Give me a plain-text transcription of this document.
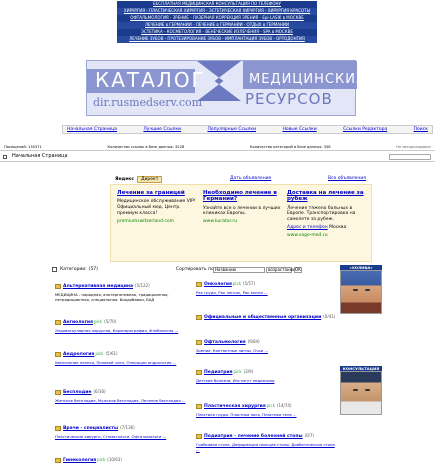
БЕСПЛАТНАЯ МЕДИЦИНСКАЯ КОНСУЛЬТАЦИЯ ПО ТЕЛЕФОНУ
ХИРУРГИЯ - ПЛАСТИЧЕСКАЯ ХИРУРГИЯ - ЭСТЕТИЧЕСКАЯ ХИРУРГИЯ - ХИРУРГИЯ КРАСОТЫ
ОФТАЛЬМОЛОГИЯ - ЗРЕНИЕ - ЛАЗЕРНАЯ КОРРЕКЦИЯ ЗРЕНИЯ - Ерi-LASIK в МОСКВЕ
ЛЕЧЕНИЕ в ГЕРМАНИИ - ЛЕЧЕНИЕ в ГЕРМАНИИ - ОТДЫХ в ГЕРМАНИИ
ЭСТЕТИКА - КОСМЕТОЛОГИЯ - ВЕНЕЧЕСКИЕ ИЗЛЕЧЕНИЯ - SPA в МОСКВЕ
ЛЕЧЕНИЕ ЗУБОВ - ПРОТЕЗИРОВАНИЕ ЗУБОВ - ИМПЛАНТАЦИЯ ЗУБОВ - ОРТОДОНТИЯ
КАТАЛОГ	МЕДИЦИНСКИХ
РЕСУРСОВ
dir.rusmedserv.com
Начальная Страница	Лучшие Ссылки	Популярные Ссылки	Новые Ссылки	Ссылки Редактора	Поиск
Посещений: 135371	Количество ссылок в базе данных: 3228	Количество категорий в базе данных: 358	Не авторизирован
Начальная Страница
Яндекс	Директ	Дать объявление	Все объявления
Лечение за границей
Медицинское обслуживание VIP! Официальный мед. Центр. премиум класса!
premiumswitzerland.com
Необходимо лечение в Германии?
Узнайте все о лечении в лучших клиниках Европы.
www.kurator.ru
Доставка на лечение за рубеж
Лечение тяжело больных в Европе. Транспортировка на самолете за рубеж.
Адрес и телефон Москва
www.sage-med.ru
Категории: (57)	Сортировать по Названию	возрастанию ОК
Альтернативная медицина (5/122)
МЕДИЦИНА - народная, альтернативная, традиционная, нетрадиционная, специальная. Биодобавки, БАД
Ангиология pick (5/70)
Эндоваскулярная хирургия, Коронарография, Флебология ...
Андрология pick (5/61)
Увеличение пениса, Половой член, Операции андрология ...
Бесплодие (6/30)
Женское бесплодие, Мужское бесплодие, Лечение бесплодия ...
Врачи - специалисты (7/136)
Пластические хирурги, Стоматологи, Офтальмологи ...
Гинекология pick (10/63)
Онкология pick (5/57)
Рак груди, Рак легких, Рак матки ...
Официальные и общественные организации (0/41)
Офтальмология (6/84)
Зрение, Контактные линзы, Очки ...
Педиатрия pick (2/9)
Детские болезни, Институт педиатрии
Пластическая хирургия pick (14/74)
Пластика груди, Пластика носа, Пластика тела ...
Подиатрия - лечение болезней стопы (0/7)
Грибковая стопа, Деформация пальцев стопы, Диабетическая стопа ...
«ХОЛИВА»
КОНСУЛЬТАЦИЯ
